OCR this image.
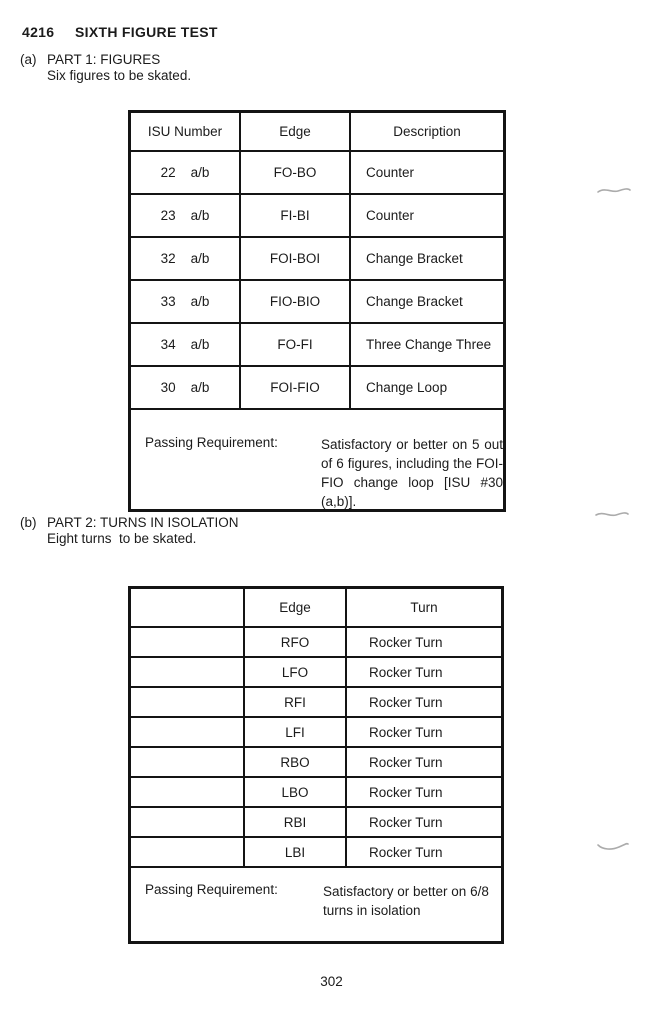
4216 SIXTH FIGURE TEST
(a) PART 1: FIGURES
Six figures to be skated.
ISU Number	Edge	Description
22    a/b	FO-BO	Counter
23    a/b	FI-BI	Counter
32    a/b	FOI-BOI	Change Bracket
33    a/b	FIO-BIO	Change Bracket
34    a/b	FO-FI	Three Change Three
30    a/b	FOI-FIO	Change Loop
Passing Requirement:	Satisfactory or better on 5 out of 6 figures, including the FOI-FIO change loop [ISU #30 (a,b)].
(b) PART 2: TURNS IN ISOLATION
Eight turns  to be skated.
Edge	Turn
RFO	Rocker Turn
LFO	Rocker Turn
RFI	Rocker Turn
LFI	Rocker Turn
RBO	Rocker Turn
LBO	Rocker Turn
RBI	Rocker Turn
LBI	Rocker Turn
Passing Requirement:	Satisfactory or better on 6/8 turns in isolation
302
